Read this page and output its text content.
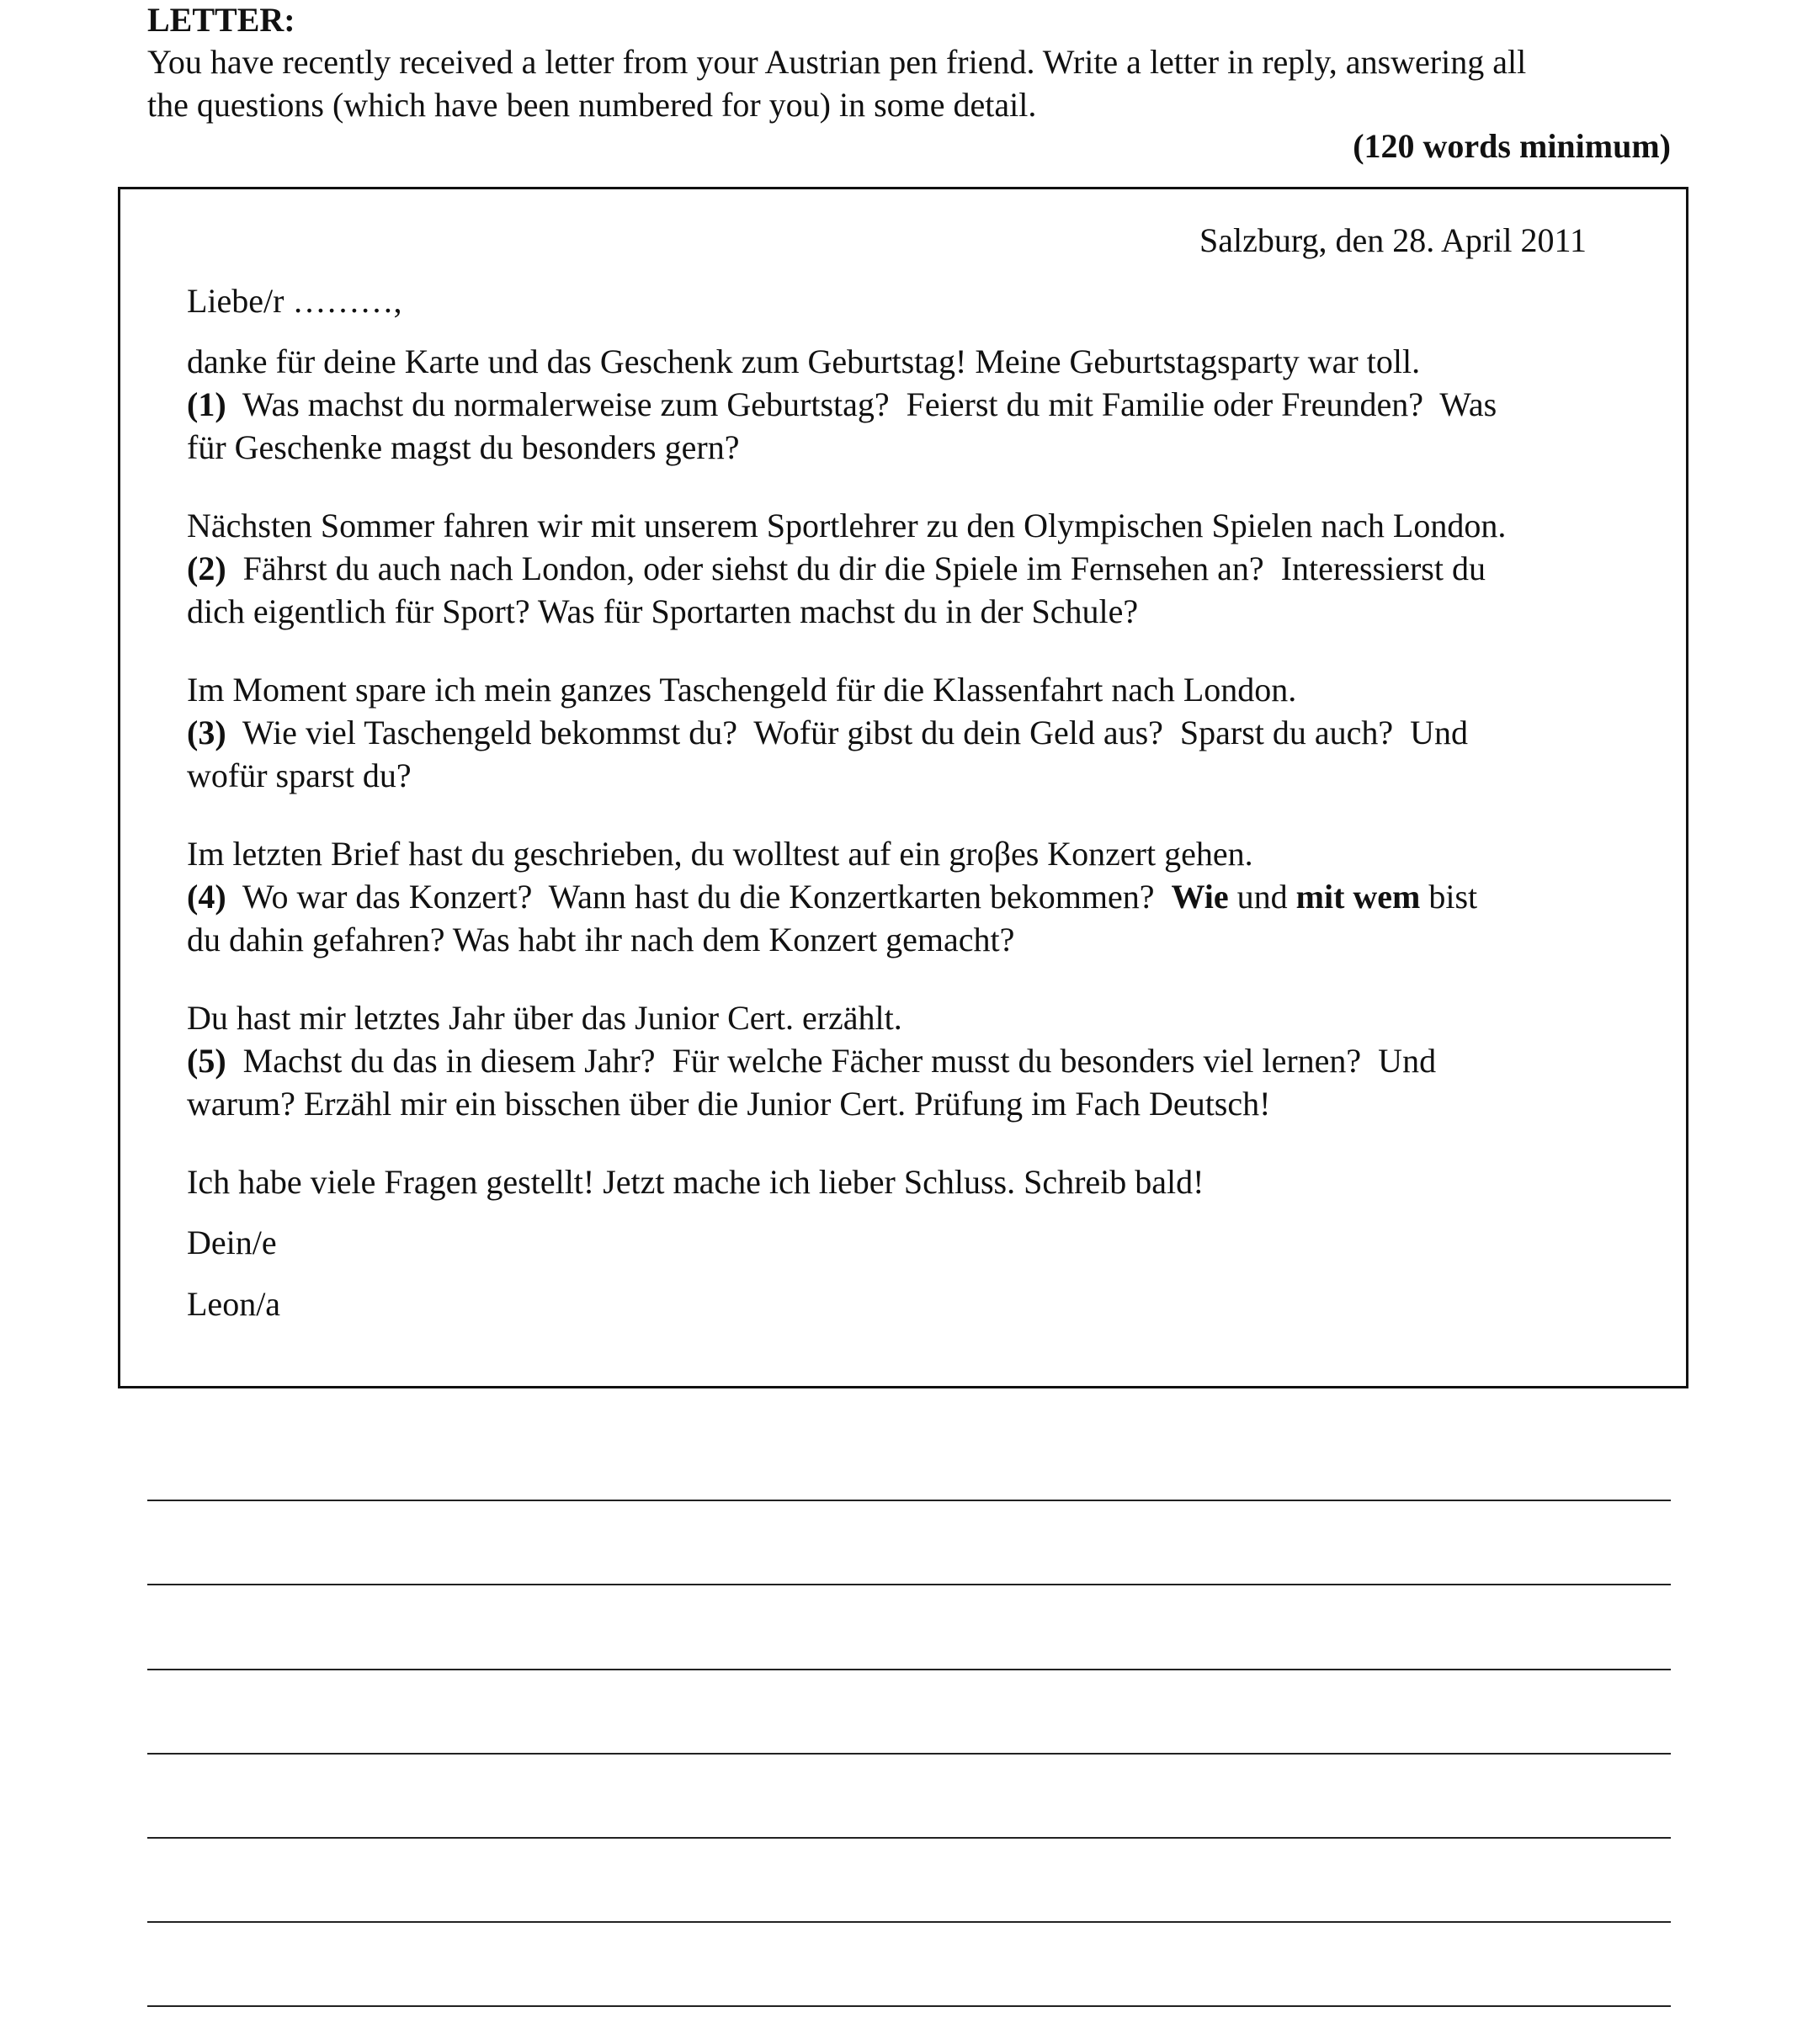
LETTER:
You have recently received a letter from your Austrian pen friend. Write a letter in reply, answering all
the questions (which have been numbered for you) in some detail.
(120 words minimum)
Salzburg, den 28. April 2011
Liebe/r ………,
danke für deine Karte und das Geschenk zum Geburtstag! Meine Geburtstagsparty war toll.
(1)  Was machst du normalerweise zum Geburtstag?  Feierst du mit Familie oder Freunden?  Was
für Geschenke magst du besonders gern?
Nächsten Sommer fahren wir mit unserem Sportlehrer zu den Olympischen Spielen nach London.
(2)  Fährst du auch nach London, oder siehst du dir die Spiele im Fernsehen an?  Interessierst du
dich eigentlich für Sport? Was für Sportarten machst du in der Schule?
Im Moment spare ich mein ganzes Taschengeld für die Klassenfahrt nach London.
(3)  Wie viel Taschengeld bekommst du?  Wofür gibst du dein Geld aus?  Sparst du auch?  Und
wofür sparst du?
Im letzten Brief hast du geschrieben, du wolltest auf ein groβes Konzert gehen.
(4)  Wo war das Konzert?  Wann hast du die Konzertkarten bekommen?  Wie und mit wem bist
du dahin gefahren? Was habt ihr nach dem Konzert gemacht?
Du hast mir letztes Jahr über das Junior Cert. erzählt.
(5)  Machst du das in diesem Jahr?  Für welche Fächer musst du besonders viel lernen?  Und
warum? Erzähl mir ein bisschen über die Junior Cert. Prüfung im Fach Deutsch!
Ich habe viele Fragen gestellt! Jetzt mache ich lieber Schluss. Schreib bald!
Dein/e
Leon/a
